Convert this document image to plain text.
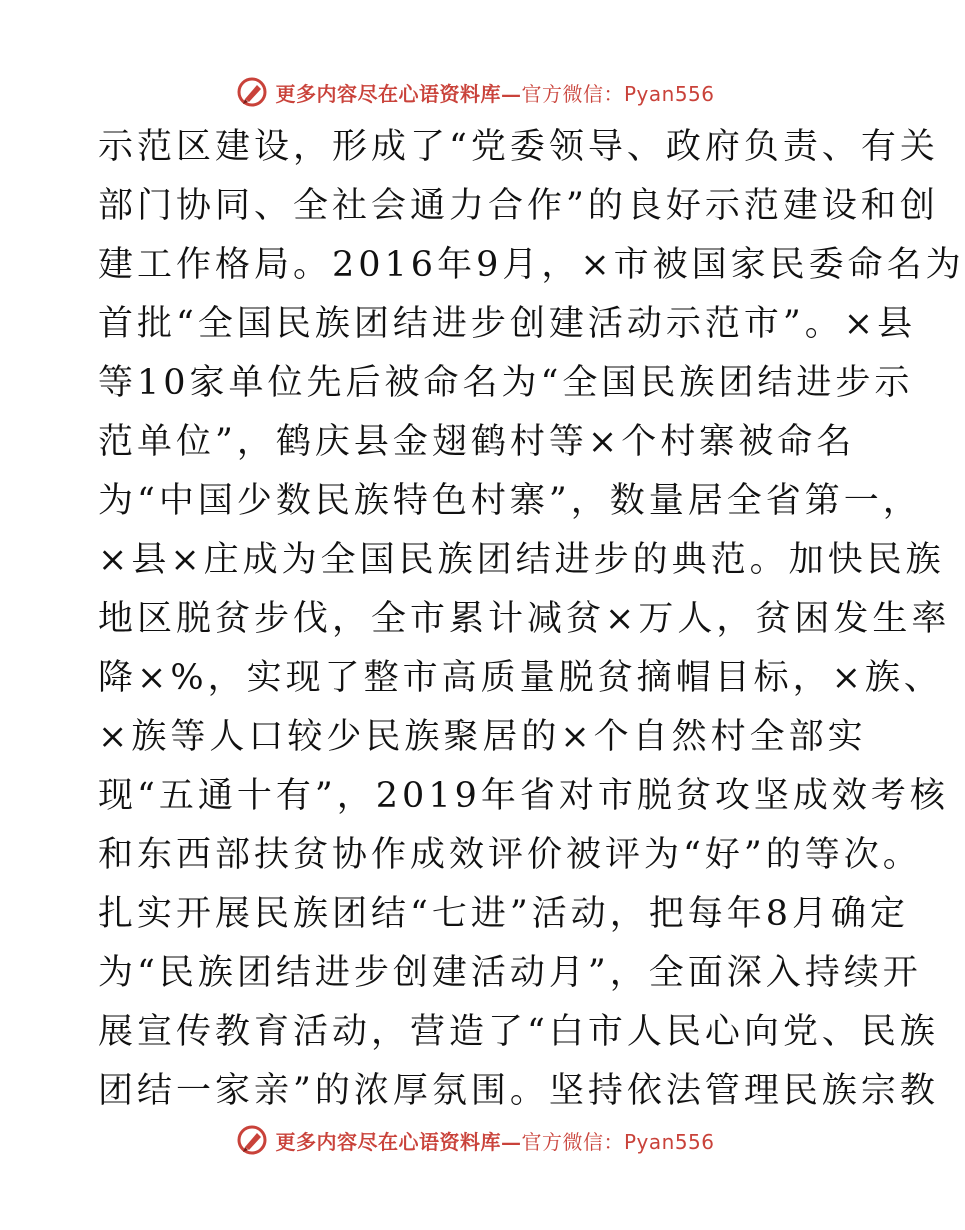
更多内容尽在心语资料库—官方微信：Pyan556
示范区建设，形成了“党委领导、政府负责、有关
部门协同、全社会通力合作”的良好示范建设和创
建工作格局。2016年9月，×市被国家民委命名为
首批“全国民族团结进步创建活动示范市”。×县
等10家单位先后被命名为“全国民族团结进步示
范单位”，鹤庆县金翅鹤村等×个村寨被命名
为“中国少数民族特色村寨”，数量居全省第一，
×县×庄成为全国民族团结进步的典范。加快民族
地区脱贫步伐，全市累计减贫×万人，贫困发生率
降×%，实现了整市高质量脱贫摘帽目标，×族、
×族等人口较少民族聚居的×个自然村全部实
现“五通十有”，2019年省对市脱贫攻坚成效考核
和东西部扶贫协作成效评价被评为“好”的等次。
扎实开展民族团结“七进”活动，把每年8月确定
为“民族团结进步创建活动月”，全面深入持续开
展宣传教育活动，营造了“白市人民心向党、民族
团结一家亲”的浓厚氛围。坚持依法管理民族宗教
更多内容尽在心语资料库—官方微信：Pyan556
